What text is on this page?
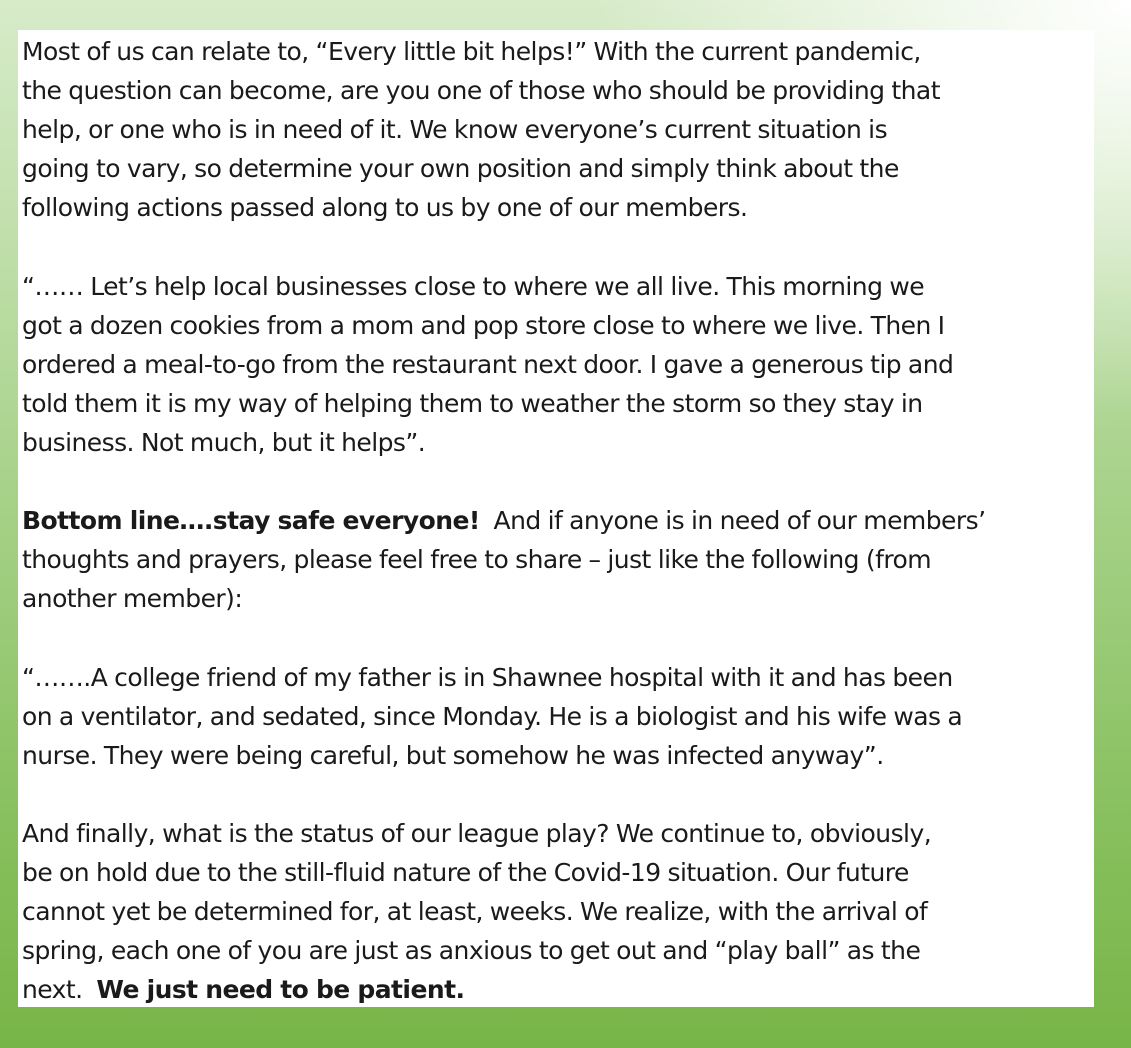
Most of us can relate to, “Every little bit helps!” With the current pandemic,
the question can become, are you one of those who should be providing that
help, or one who is in need of it. We know everyone’s current situation is
going to vary, so determine your own position and simply think about the
following actions passed along to us by one of our members.

“…… Let’s help local businesses close to where we all live. This morning we
got a dozen cookies from a mom and pop store close to where we live. Then I
ordered a meal-to-go from the restaurant next door. I gave a generous tip and
told them it is my way of helping them to weather the storm so they stay in
business. Not much, but it helps”.

Bottom line….stay safe everyone!  And if anyone is in need of our members’
thoughts and prayers, please feel free to share – just like the following (from
another member):

“…….A college friend of my father is in Shawnee hospital with it and has been
on a ventilator, and sedated, since Monday. He is a biologist and his wife was a
nurse. They were being careful, but somehow he was infected anyway”.

And finally, what is the status of our league play? We continue to, obviously,
be on hold due to the still-fluid nature of the Covid-19 situation. Our future
cannot yet be determined for, at least, weeks. We realize, with the arrival of
spring, each one of you are just as anxious to get out and “play ball” as the
next.  We just need to be patient.
